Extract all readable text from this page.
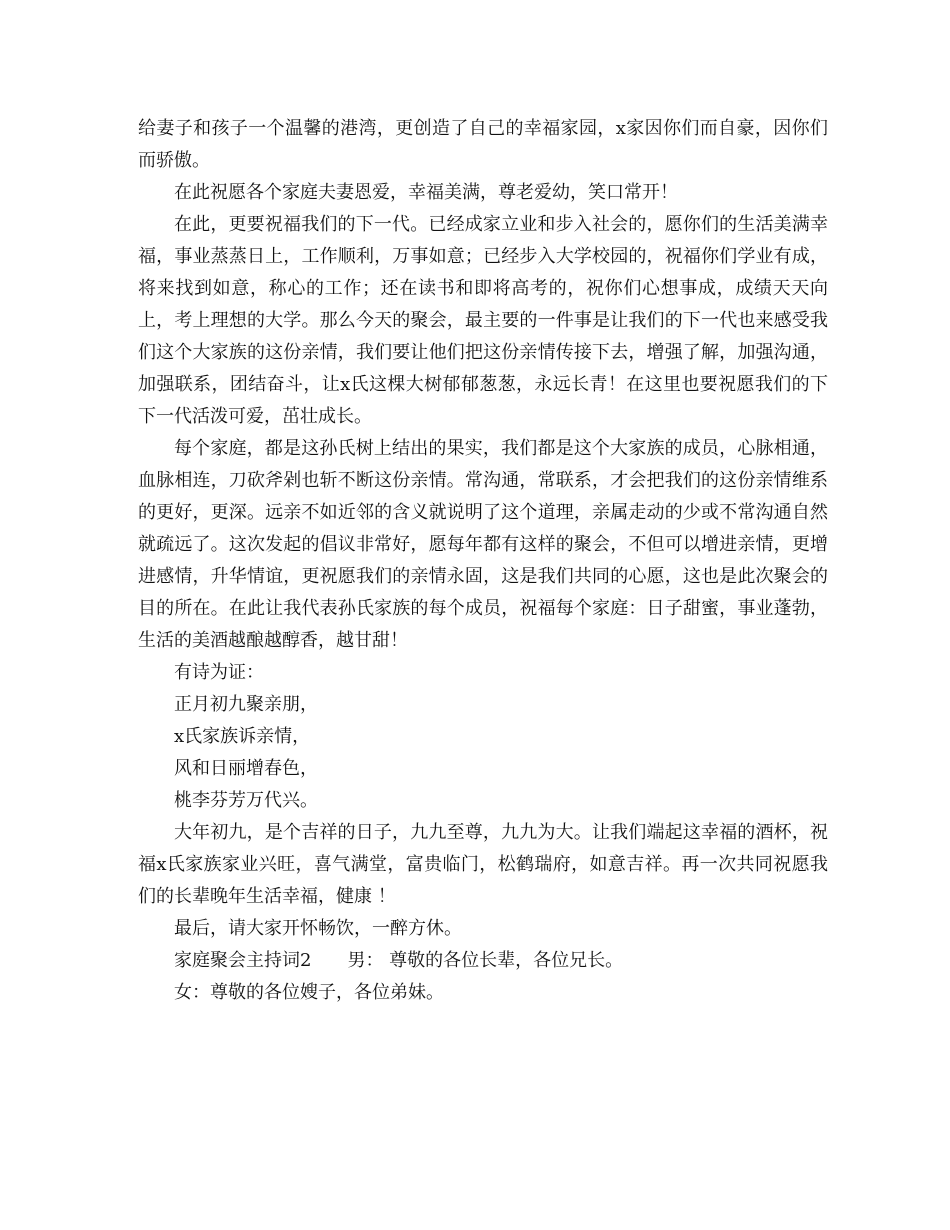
给妻子和孩子一个温馨的港湾，更创造了自己的幸福家园，x家因你们而自豪，因你们而骄傲。

在此祝愿各个家庭夫妻恩爱，幸福美满，尊老爱幼，笑口常开！

在此，更要祝福我们的下一代。已经成家立业和步入社会的，愿你们的生活美满幸福，事业蒸蒸日上，工作顺利，万事如意；已经步入大学校园的，祝福你们学业有成，将来找到如意，称心的工作；还在读书和即将高考的，祝你们心想事成，成绩天天向上，考上理想的大学。那么今天的聚会，最主要的一件事是让我们的下一代也来感受我们这个大家族的这份亲情，我们要让他们把这份亲情传接下去，增强了解，加强沟通，加强联系，团结奋斗，让x氏这棵大树郁郁葱葱，永远长青！在这里也要祝愿我们的下下一代活泼可爱，茁壮成长。

每个家庭，都是这孙氏树上结出的果实，我们都是这个大家族的成员，心脉相通，血脉相连，刀砍斧剁也斩不断这份亲情。常沟通，常联系，才会把我们的这份亲情维系的更好，更深。远亲不如近邻的含义就说明了这个道理，亲属走动的少或不常沟通自然就疏远了。这次发起的倡议非常好，愿每年都有这样的聚会，不但可以增进亲情，更增进感情，升华情谊，更祝愿我们的亲情永固，这是我们共同的心愿，这也是此次聚会的目的所在。在此让我代表孙氏家族的每个成员，祝福每个家庭：日子甜蜜，事业蓬勃，生活的美酒越酿越醇香，越甘甜！

有诗为证：

正月初九聚亲朋，

x氏家族诉亲情，

风和日丽增春色，

桃李芬芳万代兴。

大年初九，是个吉祥的日子，九九至尊，九九为大。让我们端起这幸福的酒杯，祝福x氏家族家业兴旺，喜气满堂，富贵临门，松鹤瑞府，如意吉祥。再一次共同祝愿我们的长辈晚年生活幸福，健康 ！

最后，请大家开怀畅饮，一醉方休。

家庭聚会主持词2　　男： 尊敬的各位长辈，各位兄长。

女：尊敬的各位嫂子，各位弟妹。
